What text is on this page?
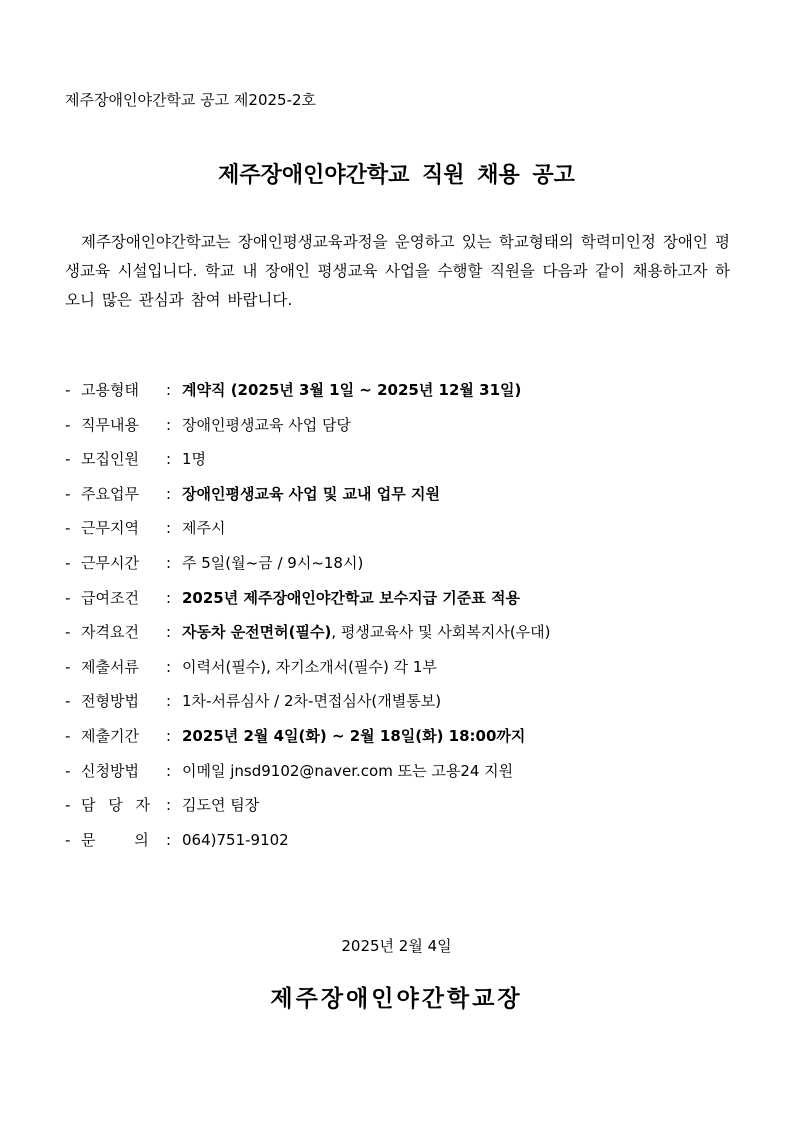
제주장애인야간학교 공고 제2025-2호
제주장애인야간학교 직원 채용 공고

제주장애인야간학교는 장애인평생교육과정을 운영하고 있는 학교형태의 학력미인정 장애인 평생교육 시설입니다. 학교 내 장애인 평생교육 사업을 수행할 직원을 다음과 같이 채용하고자 하오니 많은 관심과 참여 바랍니다.

- 고용형태 : 계약직 (2025년 3월 1일 ~ 2025년 12월 31일)
- 직무내용 : 장애인평생교육 사업 담당
- 모집인원 : 1명
- 주요업무 : 장애인평생교육 사업 및 교내 업무 지원
- 근무지역 : 제주시
- 근무시간 : 주 5일(월~금 / 9시~18시)
- 급여조건 : 2025년 제주장애인야간학교 보수지급 기준표 적용
- 자격요건 : 자동차 운전면허(필수), 평생교육사 및 사회복지사(우대)
- 제출서류 : 이력서(필수), 자기소개서(필수) 각 1부
- 전형방법 : 1차-서류심사 / 2차-면접심사(개별통보)
- 제출기간 : 2025년 2월 4일(화) ~ 2월 18일(화) 18:00까지
- 신청방법 : 이메일 jnsd9102@naver.com 또는 고용24 지원
- 담 당 자 : 김도연 팀장
- 문 의 : 064)751-9102
2025년 2월 4일
제주장애인야간학교장
